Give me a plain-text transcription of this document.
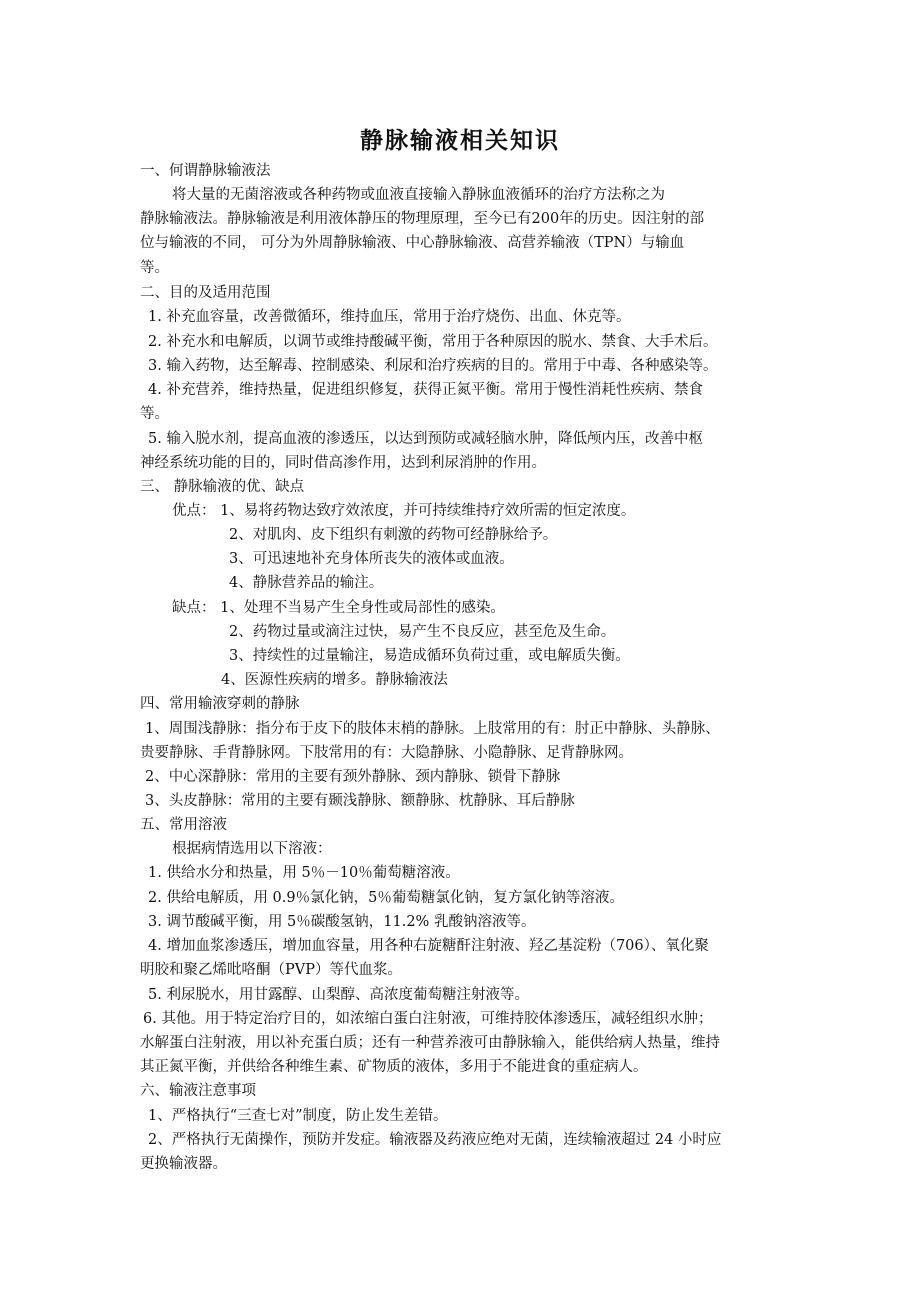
静脉输液相关知识
一、何谓静脉输液法
将大量的无菌溶液或各种药物或血液直接输入静脉血液循环的治疗方法称之为
静脉输液法。静脉输液是利用液体静压的物理原理，至今已有200年的历史。因注射的部
位与输液的不同， 可分为外周静脉输液、中心静脉输液、高营养输液（TPN）与输血
等。
二、目的及适用范围
1. 补充血容量，改善微循环，维持血压，常用于治疗烧伤、出血、休克等。
2. 补充水和电解质，以调节或维持酸碱平衡，常用于各种原因的脱水、禁食、大手术后。
3. 输入药物，达至解毒、控制感染、利尿和治疗疾病的目的。常用于中毒、各种感染等。
4. 补充营养，维持热量，促进组织修复，获得正氮平衡。常用于慢性消耗性疾病、禁食
等。
5. 输入脱水剂，提高血液的渗透压，以达到预防或减轻脑水肿，降低颅内压，改善中枢
神经系统功能的目的，同时借高渗作用，达到利尿消肿的作用。
三、 静脉输液的优、缺点
优点： 1、易将药物达致疗效浓度，并可持续维持疗效所需的恒定浓度。
2、对肌肉、皮下组织有刺激的药物可经静脉给予。
3、可迅速地补充身体所丧失的液体或血液。
4、静脉营养品的输注。
缺点： 1、处理不当易产生全身性或局部性的感染。
2、药物过量或滴注过快，易产生不良反应，甚至危及生命。
3、持续性的过量输注，易造成循环负荷过重，或电解质失衡。
4、医源性疾病的增多。静脉输液法
四、常用输液穿刺的静脉
1、周围浅静脉：指分布于皮下的肢体末梢的静脉。上肢常用的有：肘正中静脉、头静脉、
贵要静脉、手背静脉网。下肢常用的有：大隐静脉、小隐静脉、足背静脉网。
2、中心深静脉：常用的主要有颈外静脉、颈内静脉、锁骨下静脉
3、头皮静脉：常用的主要有颞浅静脉、额静脉、枕静脉、耳后静脉
五、常用溶液
根据病情选用以下溶液：
1. 供给水分和热量，用 5％－10％葡萄糖溶液。
2. 供给电解质，用 0.9％氯化钠，5％葡萄糖氯化钠，复方氯化钠等溶液。
3. 调节酸碱平衡，用 5％碳酸氢钠，11.2% 乳酸钠溶液等。
4. 增加血浆渗透压，增加血容量，用各种右旋糖酐注射液、羟乙基淀粉（706）、氧化聚
明胶和聚乙烯吡咯酮（PVP）等代血浆。
5. 利尿脱水，用甘露醇、山梨醇、高浓度葡萄糖注射液等。
6. 其他。用于特定治疗目的，如浓缩白蛋白注射液，可维持胶体渗透压，减轻组织水肿；
水解蛋白注射液，用以补充蛋白质；还有一种营养液可由静脉输入，能供给病人热量，维持
其正氮平衡，并供给各种维生素、矿物质的液体，多用于不能进食的重症病人。
六、输液注意事项
1、严格执行“三查七对”制度，防止发生差错。
2、严格执行无菌操作，预防并发症。输液器及药液应绝对无菌，连续输液超过 24 小时应
更换输液器。
